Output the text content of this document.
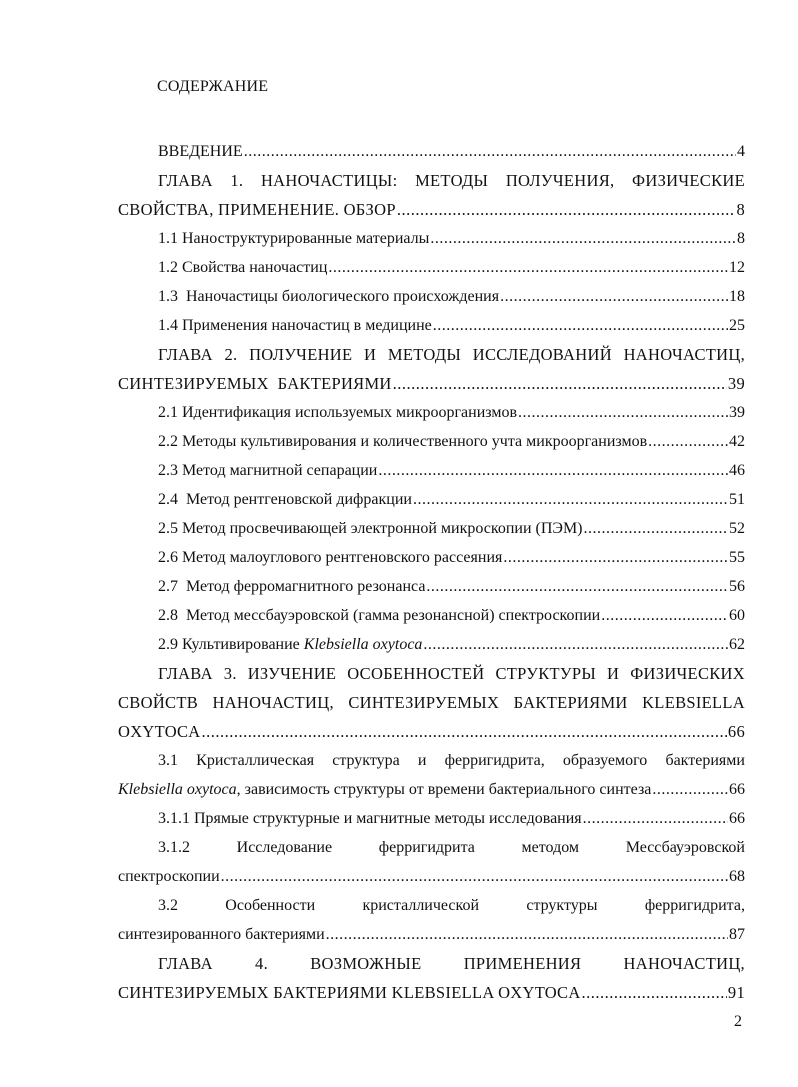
СОДЕРЖАНИЕ
ВВЕДЕНИЕ .....	4
ГЛАВА 1. НАНОЧАСТИЦЫ: МЕТОДЫ ПОЛУЧЕНИЯ, ФИЗИЧЕСКИЕ
СВОЙСТВА, ПРИМЕНЕНИЕ. ОБЗОР .....	8
1.1 Наноструктурированные материалы .....	8
1.2 Свойства наночастиц .....	12
1.3  Наночастицы биологического происхождения .....	18
1.4 Применения наночастиц в медицине .....	25
ГЛАВА 2. ПОЛУЧЕНИЕ И МЕТОДЫ ИССЛЕДОВАНИЙ НАНОЧАСТИЦ,
СИНТЕЗИРУЕМЫХ  БАКТЕРИЯМИ .....	39
2.1 Идентификация используемых микроорганизмов .....	39
2.2 Методы культивирования и количественного учта микроорганизмов .....	42
2.3 Метод магнитной сепарации .....	46
2.4  Метод рентгеновской дифракции .....	51
2.5 Метод просвечивающей электронной микроскопии (ПЭМ) .....	52
2.6 Метод малоуглового рентгеновского рассеяния .....	55
2.7  Метод ферромагнитного резонанса .....	56
2.8  Метод мессбауэровской (гамма резонансной) спектроскопии .....	60
2.9 Культивирование Klebsiella oxytoca .....	62
ГЛАВА 3. ИЗУЧЕНИЕ ОСОБЕННОСТЕЙ СТРУКТУРЫ И ФИЗИЧЕСКИХ
СВОЙСТВ НАНОЧАСТИЦ, СИНТЕЗИРУЕМЫХ БАКТЕРИЯМИ KLEBSIELLA
OXYTOCA .....	66
3.1 Кристаллическая структура и ферригидрита, образуемого бактериями
Klebsiella oxytoca, зависимость структуры от времени бактериального синтеза .....	66
3.1.1 Прямые структурные и магнитные методы исследования .....	66
3.1.2	Исследование	ферригидрита	методом	Мессбауэровской
спектроскопии .....	68
3.2	Особенности	кристаллической	структуры	ферригидрита,
синтезированного бактериями .....	87
ГЛАВА	4.	ВОЗМОЖНЫЕ	ПРИМЕНЕНИЯ	НАНОЧАСТИЦ,
СИНТЕЗИРУЕМЫХ БАКТЕРИЯМИ KLEBSIELLA OXYTOCA .....	91
2
